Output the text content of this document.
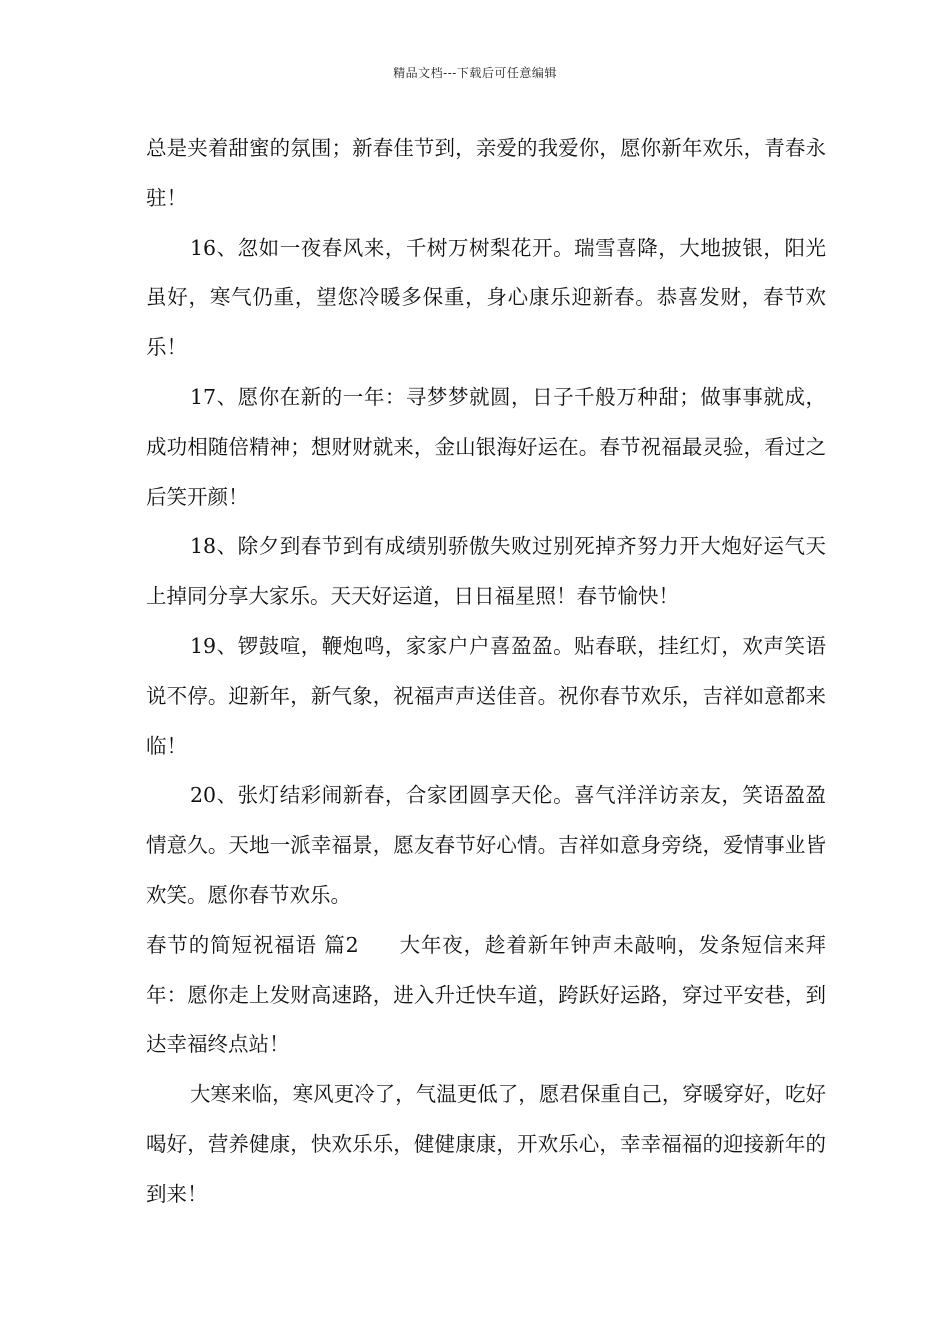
精品文档---下载后可任意编辑

总是夹着甜蜜的氛围；新春佳节到，亲爱的我爱你，愿你新年欢乐，青春永驻！

16、忽如一夜春风来，千树万树梨花开。瑞雪喜降，大地披银，阳光虽好，寒气仍重，望您冷暖多保重，身心康乐迎新春。恭喜发财，春节欢乐！

17、愿你在新的一年：寻梦梦就圆，日子千般万种甜；做事事就成，成功相随倍精神；想财财就来，金山银海好运在。春节祝福最灵验，看过之后笑开颜！

18、除夕到春节到有成绩别骄傲失败过别死掉齐努力开大炮好运气天上掉同分享大家乐。天天好运道，日日福星照！春节愉快！

19、锣鼓喧，鞭炮鸣，家家户户喜盈盈。贴春联，挂红灯，欢声笑语说不停。迎新年，新气象，祝福声声送佳音。祝你春节欢乐，吉祥如意都来临！

20、张灯结彩闹新春，合家团圆享天伦。喜气洋洋访亲友，笑语盈盈情意久。天地一派幸福景，愿友春节好心情。吉祥如意身旁绕，爱情事业皆欢笑。愿你春节欢乐。

春节的简短祝福语 篇2 大年夜，趁着新年钟声未敲响，发条短信来拜年：愿你走上发财高速路，进入升迁快车道，跨跃好运路，穿过平安巷，到达幸福终点站！

大寒来临，寒风更冷了，气温更低了，愿君保重自己，穿暖穿好，吃好喝好，营养健康，快欢乐乐，健健康康，开欢乐心，幸幸福福的迎接新年的到来！
